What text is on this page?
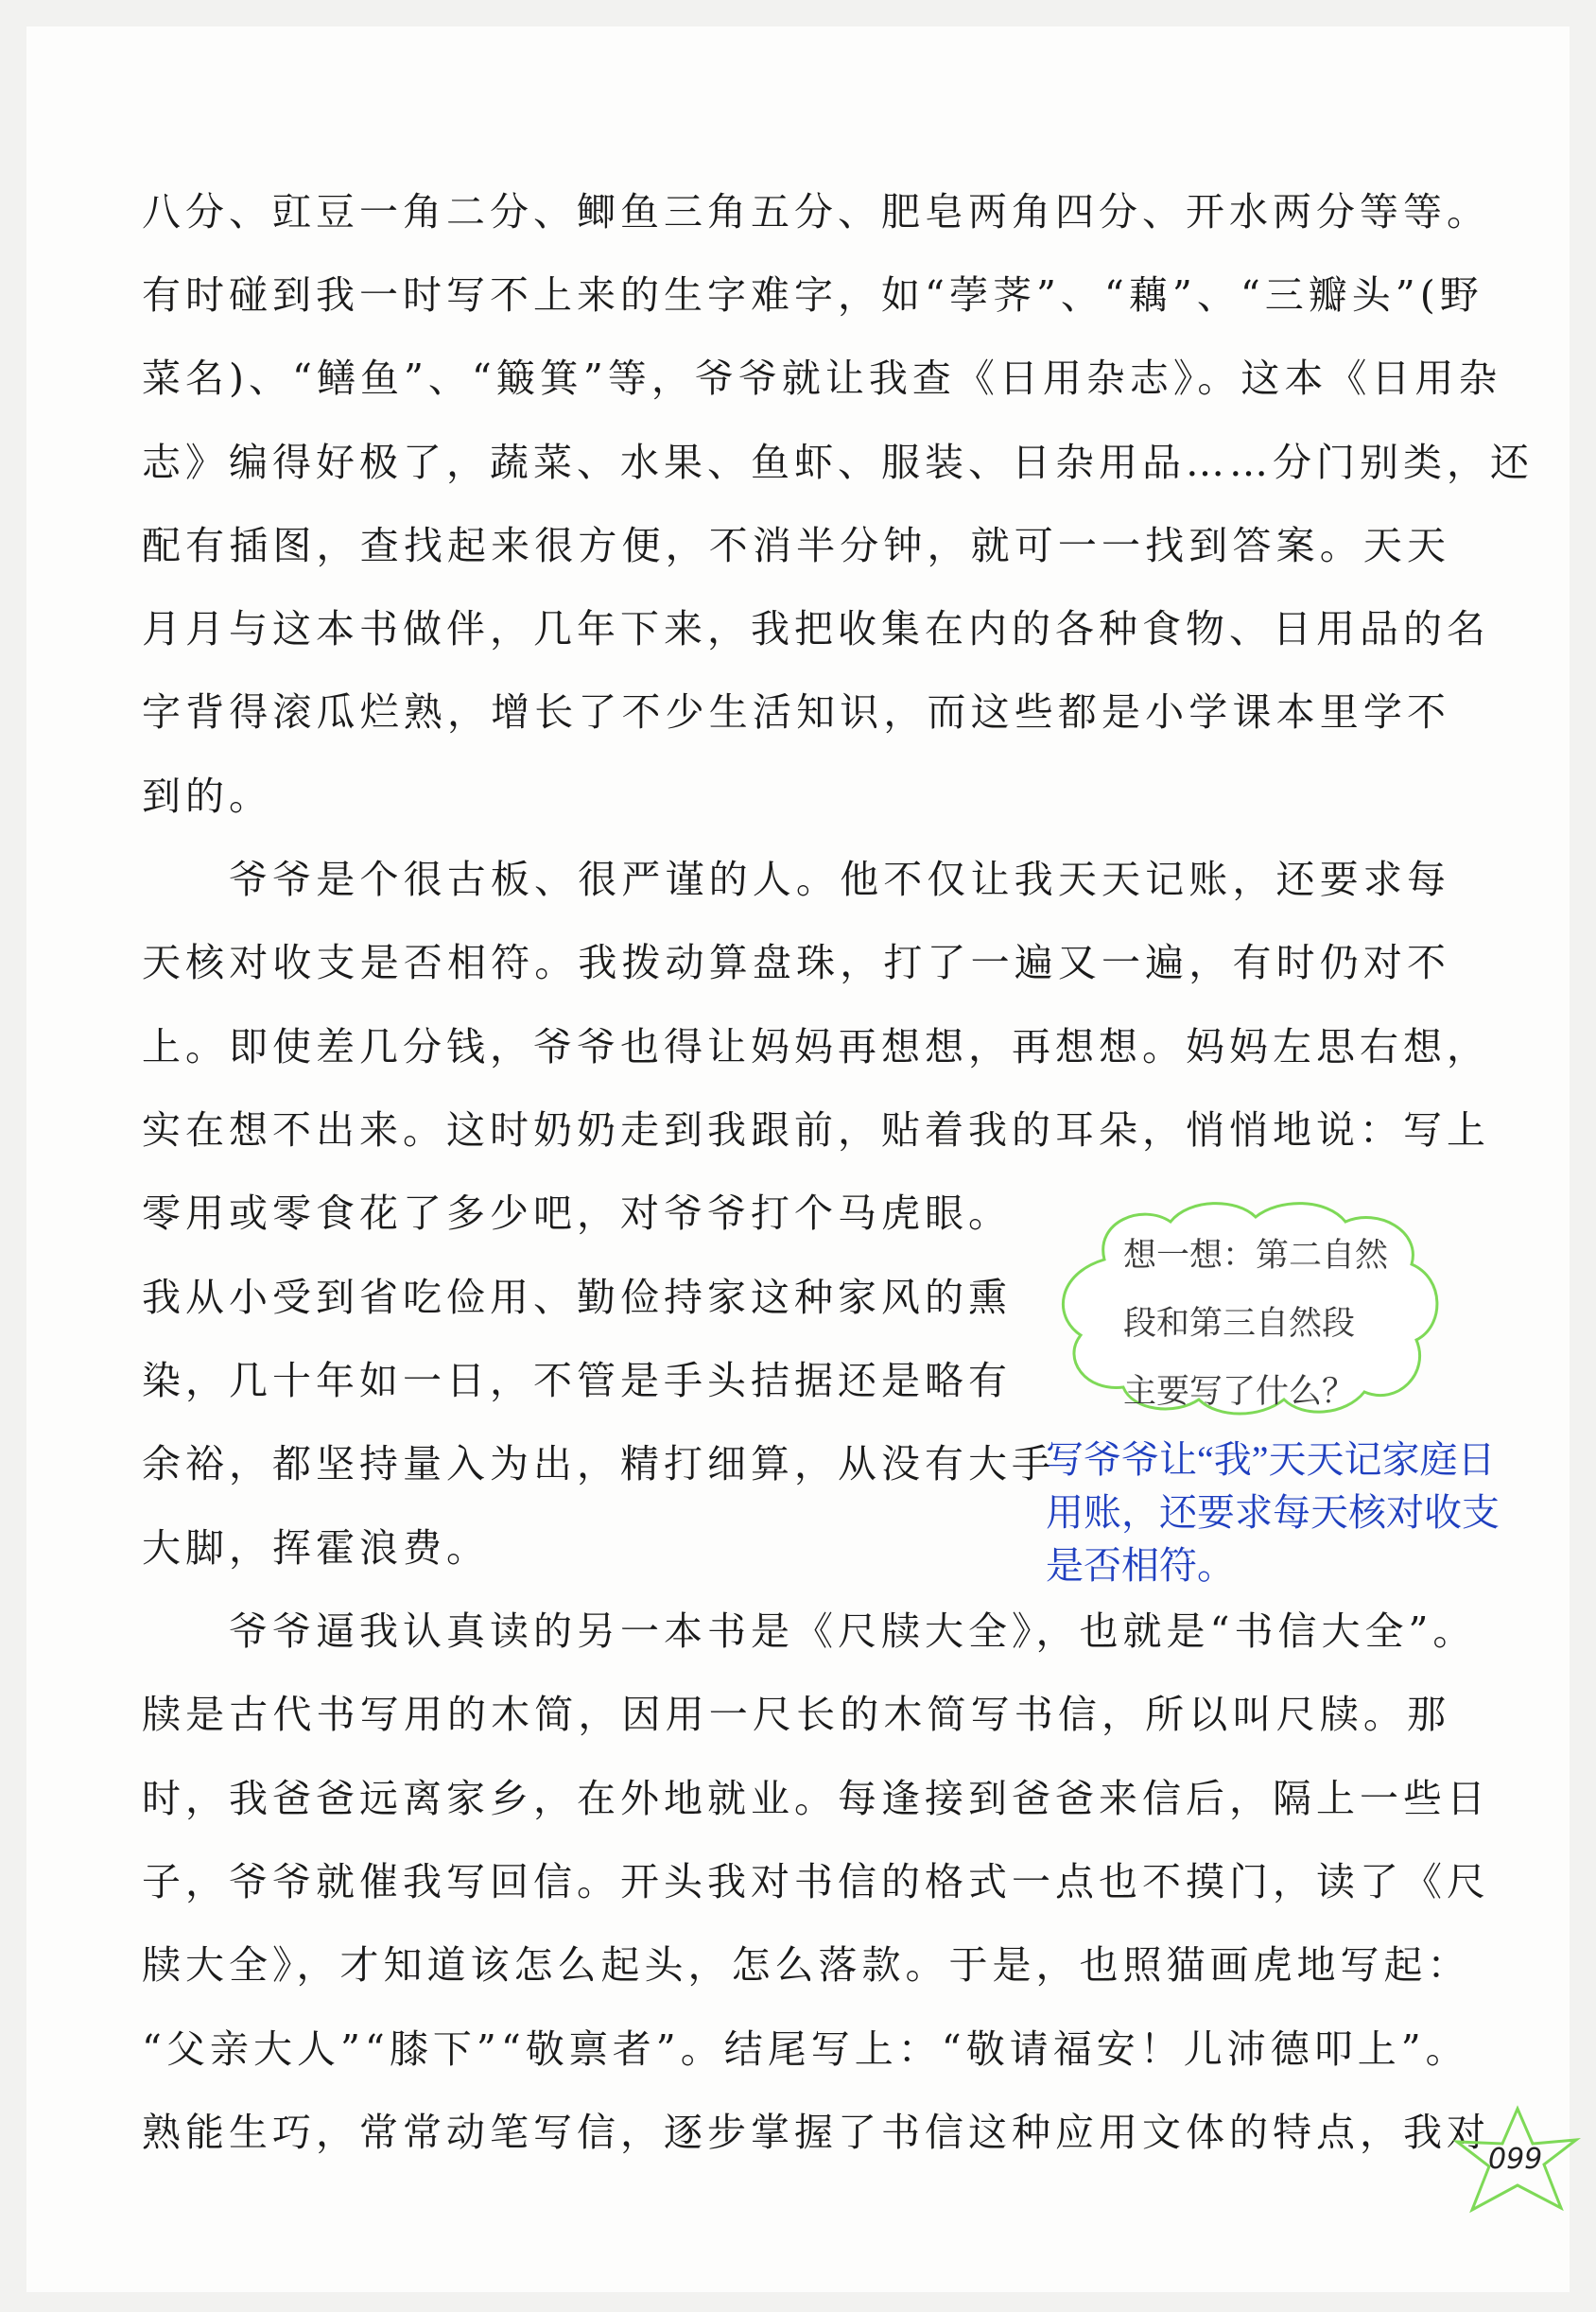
八分、豇豆一角二分、鲫鱼三角五分、肥皂两角四分、开水两分等等。
有时碰到我一时写不上来的生字难字，如“荸荠”、“藕”、“三瓣头”(野
菜名)、“鳝鱼”、“簸箕”等，爷爷就让我查《日用杂志》。这本《日用杂
志》编得好极了，蔬菜、水果、鱼虾、服装、日杂用品……分门别类，还
配有插图，查找起来很方便，不消半分钟，就可一一找到答案。天天
月月与这本书做伴，几年下来，我把收集在内的各种食物、日用品的名
字背得滚瓜烂熟，增长了不少生活知识，而这些都是小学课本里学不
到的。
爷爷是个很古板、很严谨的人。他不仅让我天天记账，还要求每
天核对收支是否相符。我拨动算盘珠，打了一遍又一遍，有时仍对不
上。即使差几分钱，爷爷也得让妈妈再想想，再想想。妈妈左思右想，
实在想不出来。这时奶奶走到我跟前，贴着我的耳朵，悄悄地说：写上
零用或零食花了多少吧，对爷爷打个马虎眼。
我从小受到省吃俭用、勤俭持家这种家风的熏
染，几十年如一日，不管是手头拮据还是略有
余裕，都坚持量入为出，精打细算，从没有大手
大脚，挥霍浪费。
爷爷逼我认真读的另一本书是《尺牍大全》，也就是“书信大全”。
牍是古代书写用的木简，因用一尺长的木简写书信，所以叫尺牍。那
时，我爸爸远离家乡，在外地就业。每逢接到爸爸来信后，隔上一些日
子，爷爷就催我写回信。开头我对书信的格式一点也不摸门，读了《尺
牍大全》，才知道该怎么起头，怎么落款。于是，也照猫画虎地写起：
“父亲大人”“膝下”“敬禀者”。结尾写上：“敬请福安！儿沛德叩上”。
熟能生巧，常常动笔写信，逐步掌握了书信这种应用文体的特点，我对
想一想：第二自然
段和第三自然段
主要写了什么？
写爷爷让“我”天天记家庭日
用账，还要求每天核对收支
是否相符。
099
